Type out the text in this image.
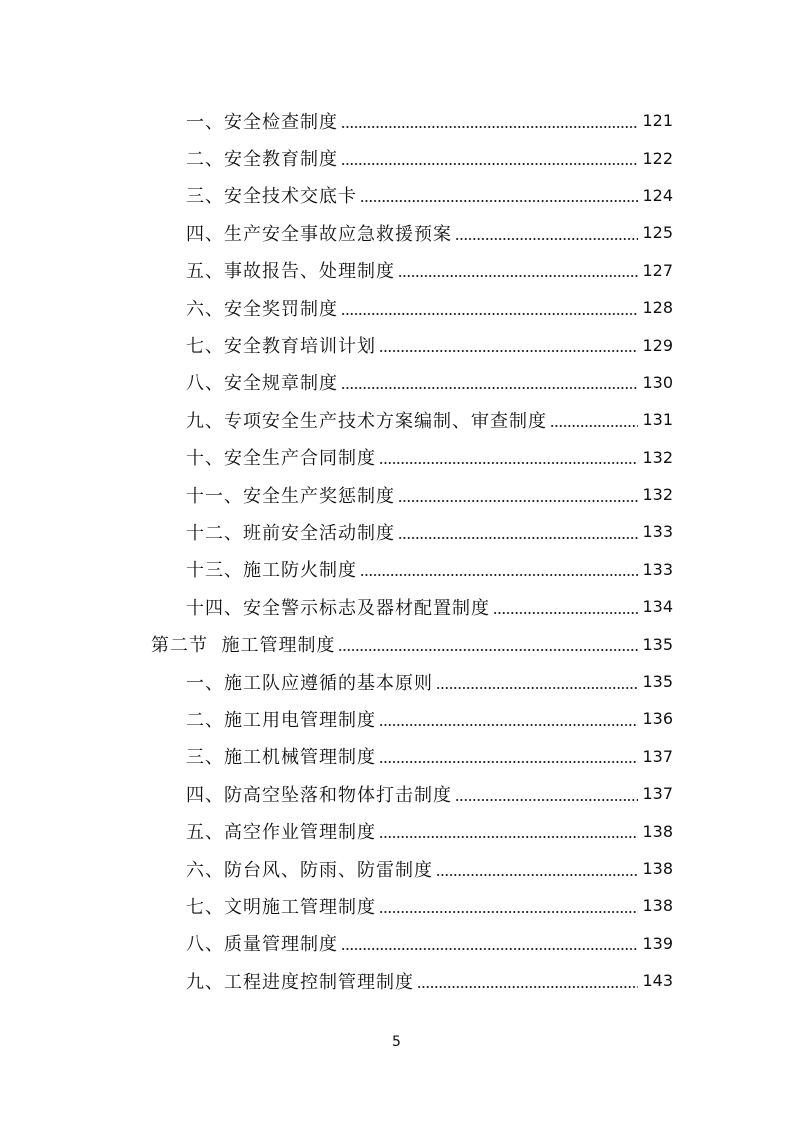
一、安全检查制度	121
二、安全教育制度	122
三、安全技术交底卡	124
四、生产安全事故应急救援预案	125
五、事故报告、处理制度	127
六、安全奖罚制度	128
七、安全教育培训计划	129
八、安全规章制度	130
九、专项安全生产技术方案编制、审查制度	131
十、安全生产合同制度	132
十一、安全生产奖惩制度	132
十二、班前安全活动制度	133
十三、施工防火制度	133
十四、安全警示标志及器材配置制度	134
第二节  施工管理制度	135
一、施工队应遵循的基本原则	135
二、施工用电管理制度	136
三、施工机械管理制度	137
四、防高空坠落和物体打击制度	137
五、高空作业管理制度	138
六、防台风、防雨、防雷制度	138
七、文明施工管理制度	138
八、质量管理制度	139
九、工程进度控制管理制度	143
5
